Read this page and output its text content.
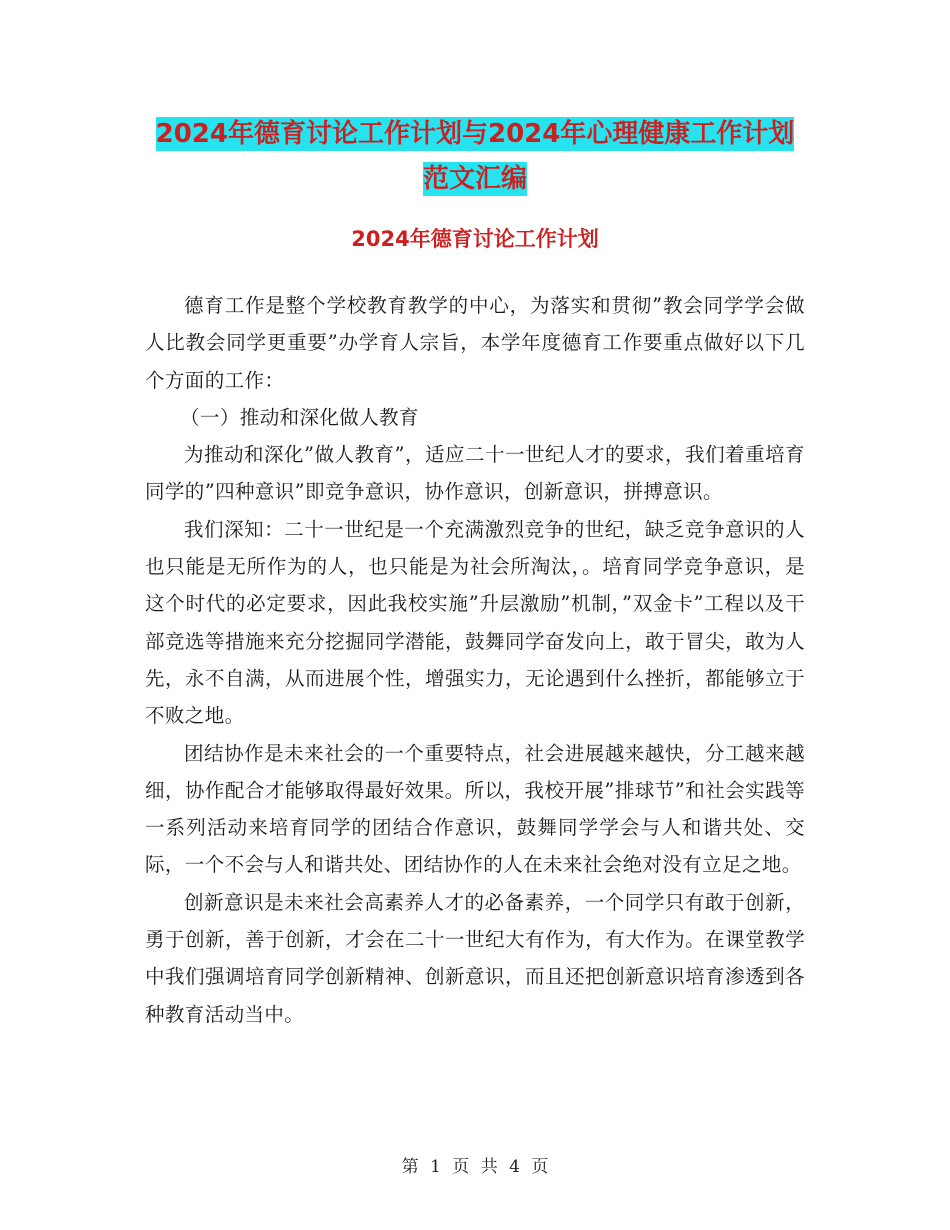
2024年德育讨论工作计划与2024年心理健康工作计划
范文汇编
2024年德育讨论工作计划

德育工作是整个学校教育教学的中心，为落实和贯彻”教会同学学会做人比教会同学更重要”办学育人宗旨，本学年度德育工作要重点做好以下几个方面的工作：

（一）推动和深化做人教育

为推动和深化”做人教育”，适应二十一世纪人才的要求，我们着重培育同学的”四种意识”即竞争意识，协作意识，创新意识，拼搏意识。

我们深知：二十一世纪是一个充满激烈竞争的世纪，缺乏竞争意识的人也只能是无所作为的人，也只能是为社会所淘汰，。培育同学竞争意识，是这个时代的必定要求，因此我校实施”升层激励”机制，”双金卡”工程以及干部竞选等措施来充分挖掘同学潜能，鼓舞同学奋发向上，敢于冒尖，敢为人先，永不自满，从而进展个性，增强实力，无论遇到什么挫折，都能够立于不败之地。

团结协作是未来社会的一个重要特点，社会进展越来越快，分工越来越细，协作配合才能够取得最好效果。所以，我校开展”排球节”和社会实践等一系列活动来培育同学的团结合作意识，鼓舞同学学会与人和谐共处、交际，一个不会与人和谐共处、团结协作的人在未来社会绝对没有立足之地。

创新意识是未来社会高素养人才的必备素养，一个同学只有敢于创新，勇于创新，善于创新，才会在二十一世纪大有作为，有大作为。在课堂教学中我们强调培育同学创新精神、创新意识，而且还把创新意识培育渗透到各种教育活动当中。

第 1 页 共 4 页
